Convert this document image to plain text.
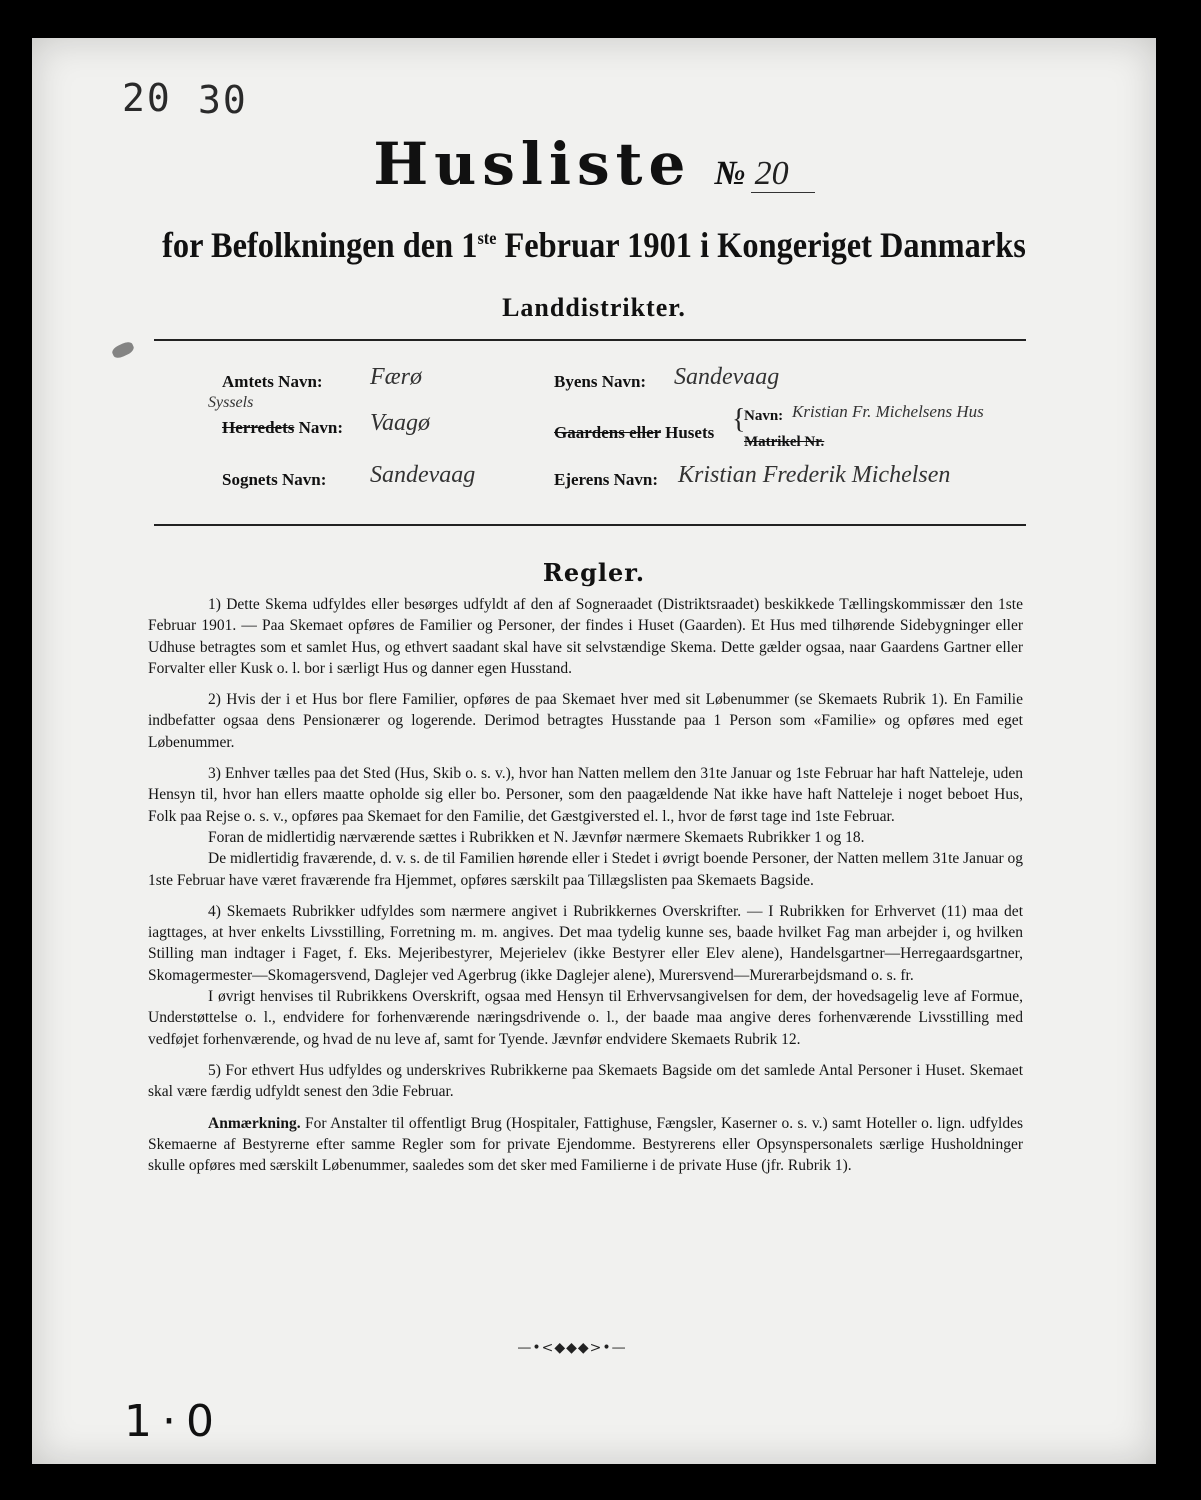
20 30
Husliste № 20
for Befolkningen den 1ste Februar 1901 i Kongeriget Danmarks
Landdistrikter.
Amtets Navn: Færø
Syssels
Herredets Navn: Vaagø
Sognets Navn: Sandevaag
Byens Navn: Sandevaag
Gaardens eller Husets {
Navn: Kristian Fr. Michelsens Hus
Matrikel Nr.
Ejerens Navn: Kristian Frederik Michelsen
Regler.

1) Dette Skema udfyldes eller besørges udfyldt af den af Sogneraadet (Distriktsraadet) beskikkede Tællingskommissær den 1ste Februar 1901. — Paa Skemaet opføres de Familier og Personer, der findes i Huset (Gaarden). Et Hus med tilhørende Sidebygninger eller Udhuse betragtes som et samlet Hus, og ethvert saadant skal have sit selvstændige Skema. Dette gælder ogsaa, naar Gaardens Gartner eller Forvalter eller Kusk o. l. bor i særligt Hus og danner egen Husstand.

2) Hvis der i et Hus bor flere Familier, opføres de paa Skemaet hver med sit Løbenummer (se Skemaets Rubrik 1). En Familie indbefatter ogsaa dens Pensionærer og logerende. Derimod betragtes Husstande paa 1 Person som «Familie» og opføres med eget Løbenummer.

3) Enhver tælles paa det Sted (Hus, Skib o. s. v.), hvor han Natten mellem den 31te Januar og 1ste Februar har haft Natteleje, uden Hensyn til, hvor han ellers maatte opholde sig eller bo. Personer, som den paagældende Nat ikke have haft Natteleje i noget beboet Hus, Folk paa Rejse o. s. v., opføres paa Skemaet for den Familie, det Gæstgiversted el. l., hvor de først tage ind 1ste Februar.

Foran de midlertidig nærværende sættes i Rubrikken et N. Jævnfør nærmere Skemaets Rubrikker 1 og 18.

De midlertidig fraværende, d. v. s. de til Familien hørende eller i Stedet i øvrigt boende Personer, der Natten mellem 31te Januar og 1ste Februar have været fraværende fra Hjemmet, opføres særskilt paa Tillægslisten paa Skemaets Bagside.

4) Skemaets Rubrikker udfyldes som nærmere angivet i Rubrikkernes Overskrifter. — I Rubrikken for Erhvervet (11) maa det iagttages, at hver enkelts Livsstilling, Forretning m. m. angives. Det maa tydelig kunne ses, baade hvilket Fag man arbejder i, og hvilken Stilling man indtager i Faget, f. Eks. Mejeribestyrer, Mejerielev (ikke Bestyrer eller Elev alene), Handelsgartner—Herregaardsgartner, Skomagermester—Skomagersvend, Daglejer ved Agerbrug (ikke Daglejer alene), Murersvend—Murerarbejdsmand o. s. fr.

I øvrigt henvises til Rubrikkens Overskrift, ogsaa med Hensyn til Erhvervsangivelsen for dem, der hovedsagelig leve af Formue, Understøttelse o. l., endvidere for forhenværende næringsdrivende o. l., der baade maa angive deres forhenværende Livsstilling med vedføjet forhenværende, og hvad de nu leve af, samt for Tyende. Jævnfør endvidere Skemaets Rubrik 12.

5) For ethvert Hus udfyldes og underskrives Rubrikkerne paa Skemaets Bagside om det samlede Antal Personer i Huset. Skemaet skal være færdig udfyldt senest den 3die Februar.

Anmærkning. For Anstalter til offentligt Brug (Hospitaler, Fattighuse, Fængsler, Kaserner o. s. v.) samt Hoteller o. lign. udfyldes Skemaerne af Bestyrerne efter samme Regler som for private Ejendomme. Bestyrerens eller Opsynspersonalets særlige Husholdninger skulle opføres med særskilt Løbenummer, saaledes som det sker med Familierne i de private Huse (jfr. Rubrik 1).

—•<◆◆◆>•—
1·0
